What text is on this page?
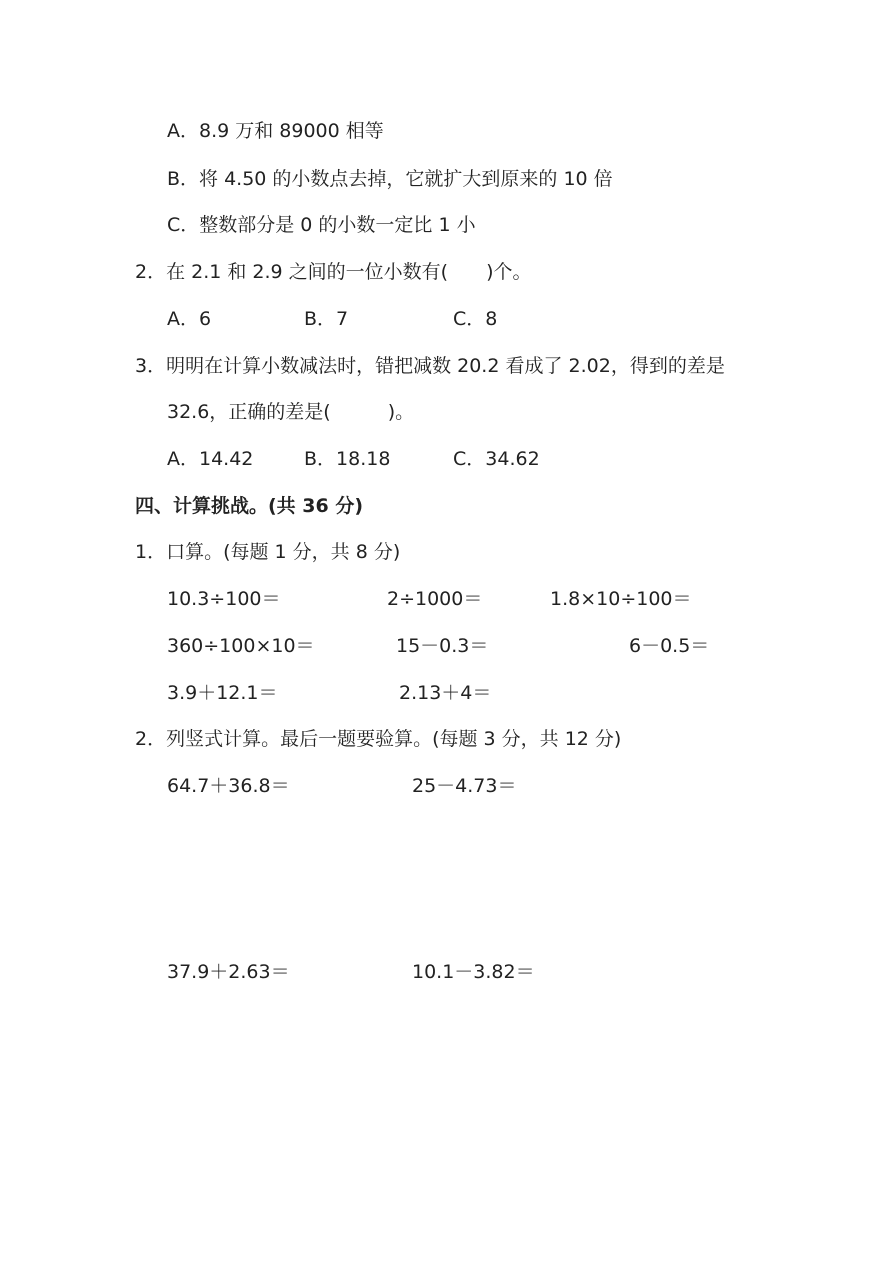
A．8.9 万和 89000 相等
B．将 4.50 的小数点去掉，它就扩大到原来的 10 倍
C．整数部分是 0 的小数一定比 1 小
2．在 2.1 和 2.9 之间的一位小数有(　　)个。
A．6	B．7	C．8
3．明明在计算小数减法时，错把减数 20.2 看成了 2.02，得到的差是
32.6，正确的差是(　　　)。
A．14.42	B．18.18	C．34.62
四、计算挑战。(共 36 分)
1．口算。(每题 1 分，共 8 分)
10.3÷100＝	2÷1000＝	1.8×10÷100＝
360÷100×10＝	15－0.3＝	6－0.5＝
3.9＋12.1＝	2.13＋4＝
2．列竖式计算。最后一题要验算。(每题 3 分，共 12 分)
64.7＋36.8＝	25－4.73＝
37.9＋2.63＝	10.1－3.82＝
